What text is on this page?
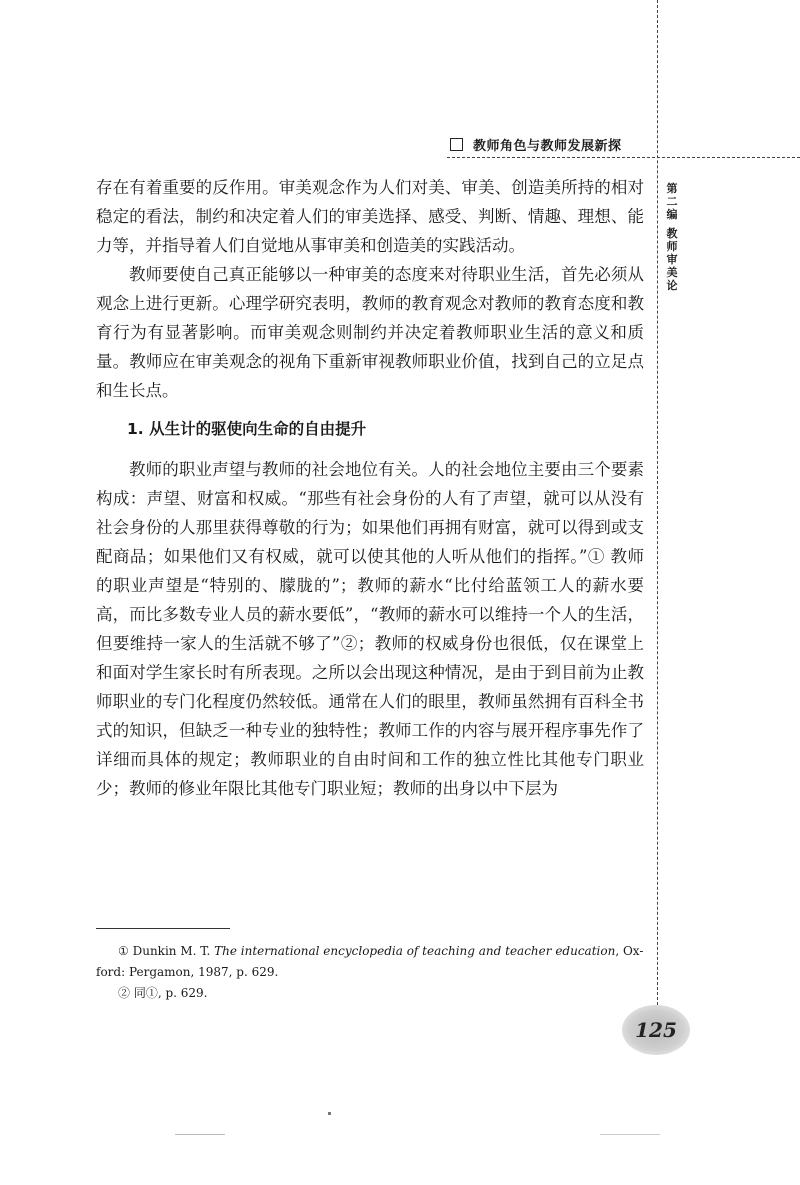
教师角色与教师发展新探
第二编
教师审美论

存在有着重要的反作用。审美观念作为人们对美、审美、创造美所持的相对稳定的看法，制约和决定着人们的审美选择、感受、判断、情趣、理想、能力等，并指导着人们自觉地从事审美和创造美的实践活动。

教师要使自己真正能够以一种审美的态度来对待职业生活，首先必须从观念上进行更新。心理学研究表明，教师的教育观念对教师的教育态度和教育行为有显著影响。而审美观念则制约并决定着教师职业生活的意义和质量。教师应在审美观念的视角下重新审视教师职业价值，找到自己的立足点和生长点。

1. 从生计的驱使向生命的自由提升

教师的职业声望与教师的社会地位有关。人的社会地位主要由三个要素构成：声望、财富和权威。“那些有社会身份的人有了声望，就可以从没有社会身份的人那里获得尊敬的行为；如果他们再拥有财富，就可以得到或支配商品；如果他们又有权威，就可以使其他的人听从他们的指挥。”① 教师的职业声望是“特别的、朦胧的”；教师的薪水“比付给蓝领工人的薪水要高，而比多数专业人员的薪水要低”，“教师的薪水可以维持一个人的生活，但要维持一家人的生活就不够了”②；教师的权威身份也很低，仅在课堂上和面对学生家长时有所表现。之所以会出现这种情况，是由于到目前为止教师职业的专门化程度仍然较低。通常在人们的眼里，教师虽然拥有百科全书式的知识，但缺乏一种专业的独特性；教师工作的内容与展开程序事先作了详细而具体的规定；教师职业的自由时间和工作的独立性比其他专门职业少；教师的修业年限比其他专门职业短；教师的出身以中下层为

① Dunkin M. T. The international encyclopedia of teaching and teacher education, Ox-

ford: Pergamon, 1987, p. 629.

② 同①, p. 629.

125
